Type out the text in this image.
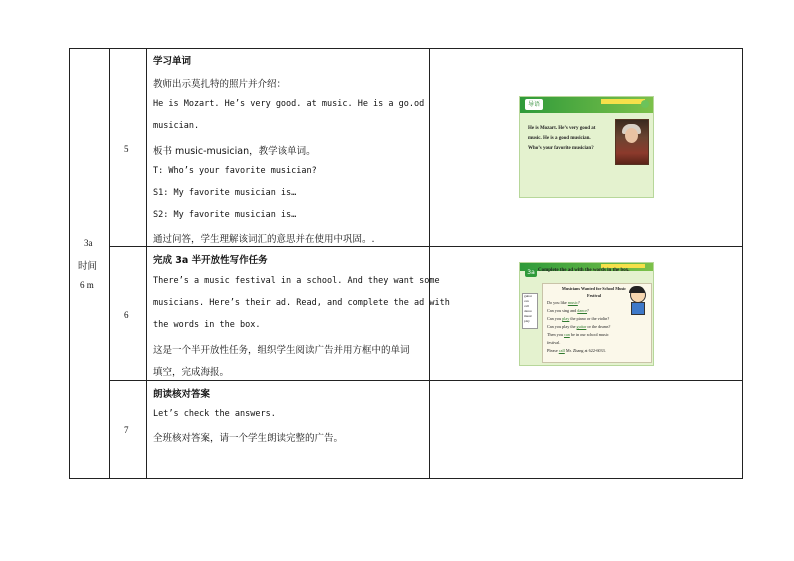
3a
时间
6 m
5
学习单词
教师出示莫扎特的照片并介绍：
He is Mozart. He’s very good. at music. He is a go.od
musician.
板书 music-musician，教学该单词。
T: Who’s your favorite musician?
S1: My favorite musician is…
S2: My favorite musician is…
通过问答，学生理解该词汇的意思并在使用中巩固。.
导语
He is Mozart. He’s very good at
music. He is a good musician.
Who’s your favorite musician?
6
完成 3a 半开放性写作任务
There’s a music festival in a school. And they want some
musicians. Here’s their ad. Read, and complete the ad with
the words in the box.
这是一个半开放性任务，组织学生阅读广告并用方框中的单词
填空，完成海报。
3a Complete the ad with the words in the box.
Musicians Wanted for School Music Festival
Do you like music?
Can you sing and dance?
Can you play the piano or the violin?
Can you play the guitar or the drums?
Then you can be in our school music
festival.
Please call Mr. Zhang at 622-6033.
guitar
can
call
dance
music
play
7
朗读核对答案
Let’s check the answers.
全班核对答案，请一个学生朗读完整的广告。
